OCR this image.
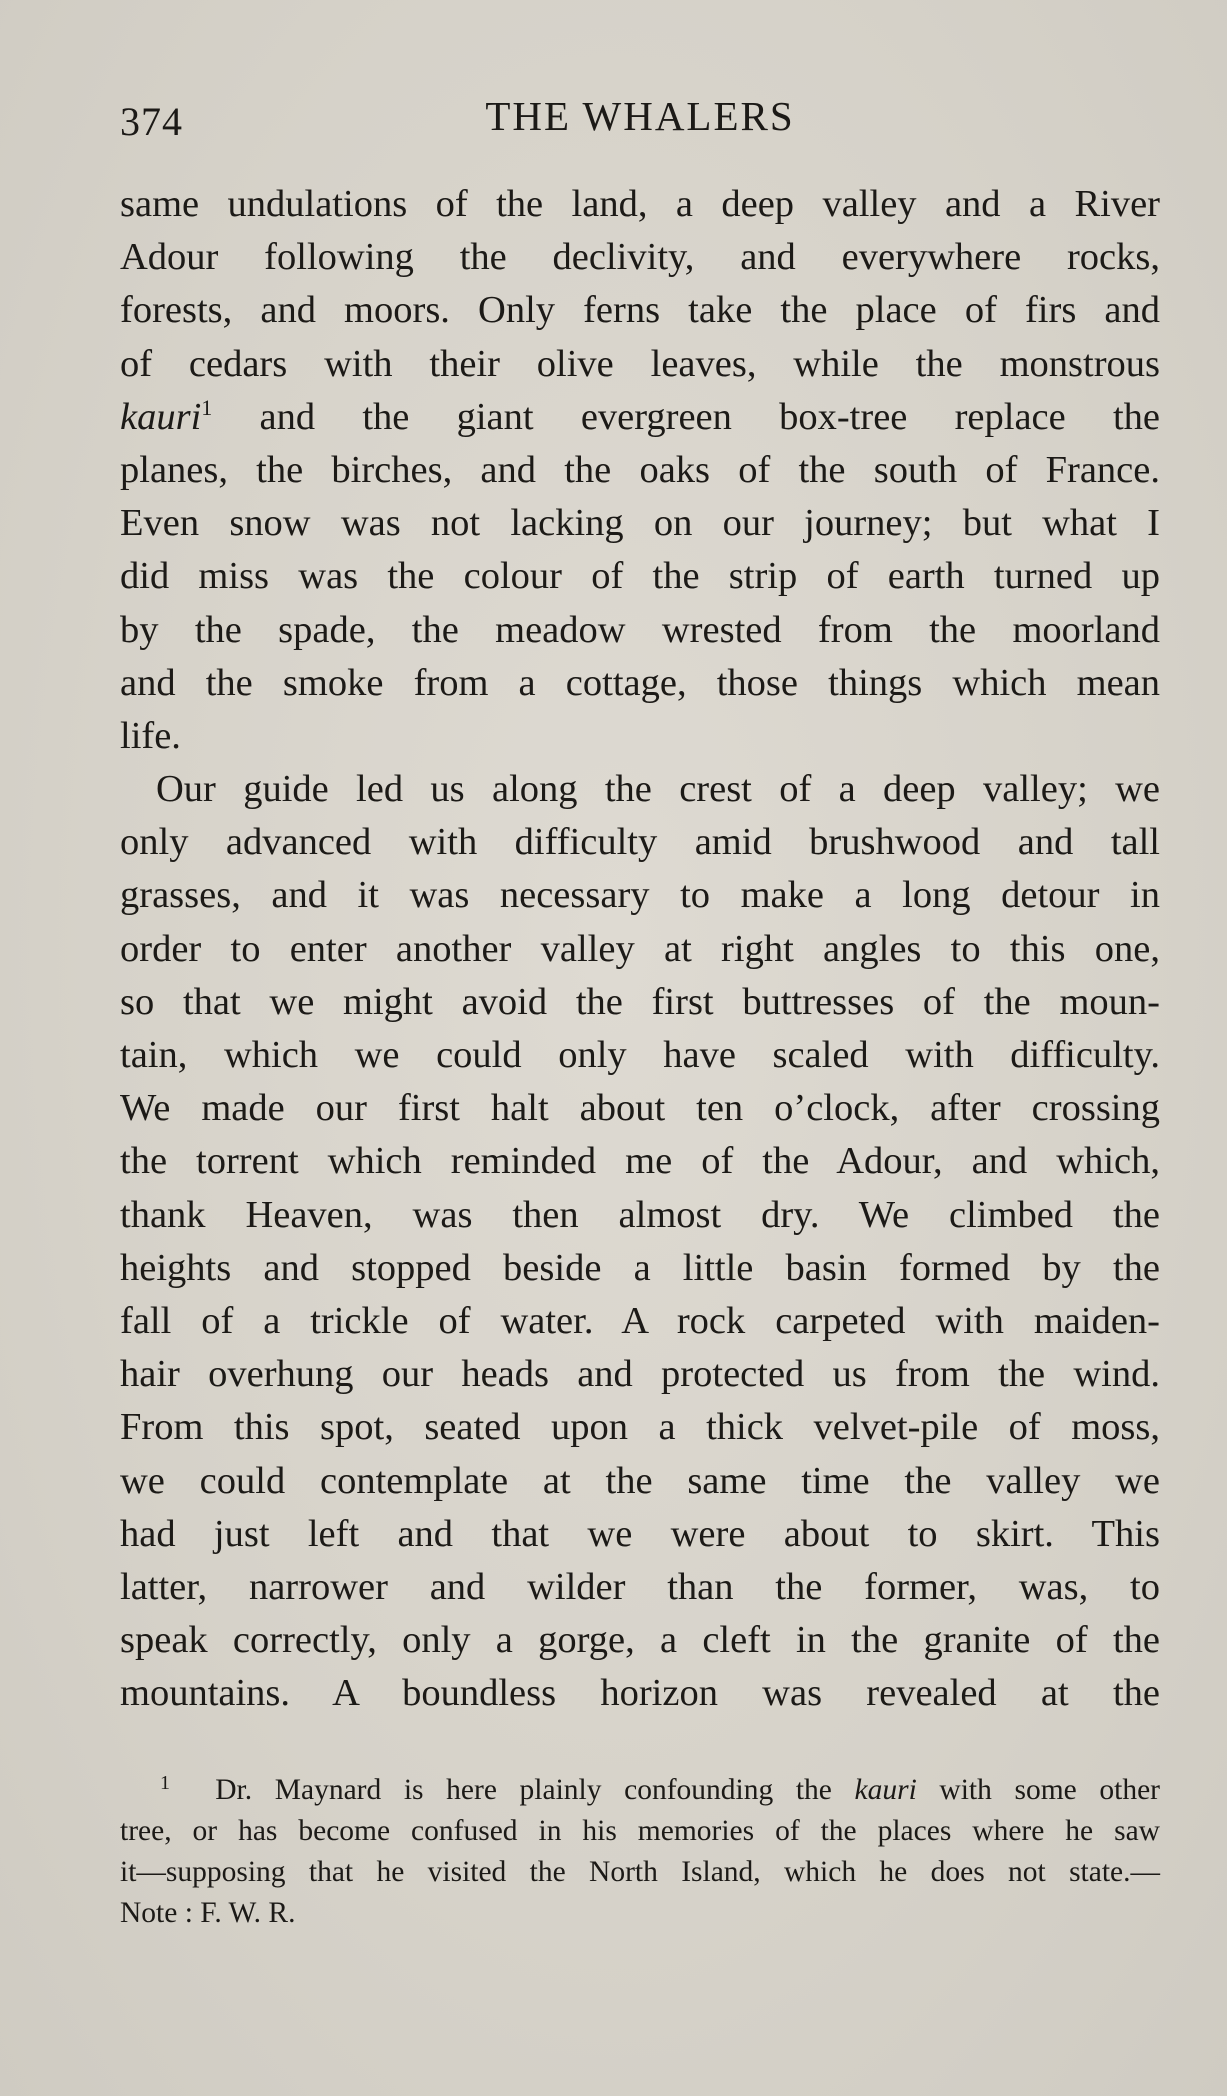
374	THE WHALERS
same undulations of the land, a deep valley and a River
Adour following the declivity, and everywhere rocks,
forests, and moors. Only ferns take the place of firs and
of cedars with their olive leaves, while the monstrous
kauri$^1$ and the giant evergreen box-tree replace the
planes, the birches, and the oaks of the south of France.
Even snow was not lacking on our journey; but what I
did miss was the colour of the strip of earth turned up
by the spade, the meadow wrested from the moorland
and the smoke from a cottage, those things which mean
life.
Our guide led us along the crest of a deep valley; we
only advanced with difficulty amid brushwood and tall
grasses, and it was necessary to make a long detour in
order to enter another valley at right angles to this one,
so that we might avoid the first buttresses of the moun-
tain, which we could only have scaled with difficulty.
We made our first halt about ten o’clock, after crossing
the torrent which reminded me of the Adour, and which,
thank Heaven, was then almost dry. We climbed the
heights and stopped beside a little basin formed by the
fall of a trickle of water. A rock carpeted with maiden-
hair overhung our heads and protected us from the wind.
From this spot, seated upon a thick velvet-pile of moss,
we could contemplate at the same time the valley we
had just left and that we were about to skirt. This
latter, narrower and wilder than the former, was, to
speak correctly, only a gorge, a cleft in the granite of the
mountains. A boundless horizon was revealed at the
$^1$ Dr. Maynard is here plainly confounding the kauri with some other
tree, or has become confused in his memories of the places where he saw
it—supposing that he visited the North Island, which he does not state.—
Note : F. W. R.
